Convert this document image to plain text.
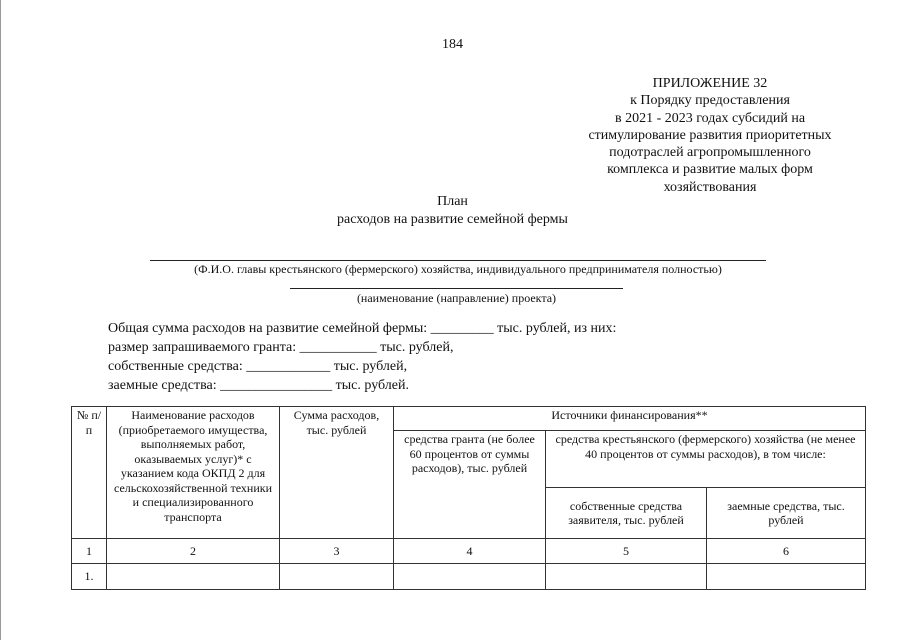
184
ПРИЛОЖЕНИЕ 32
к Порядку предоставления
в 2021 - 2023 годах субсидий на
стимулирование развития приоритетных
подотраслей агропромышленного
комплекса и развитие малых форм
хозяйствования
План
расходов на развитие семейной фермы
(Ф.И.О. главы крестьянского (фермерского) хозяйства, индивидуального предпринимателя полностью)
(наименование (направление) проекта)
Общая сумма расходов на развитие семейной фермы: _________ тыс. рублей, из них:
размер запрашиваемого гранта: ___________ тыс. рублей,
собственные средства: ____________ тыс. рублей,
заемные средства: ________________ тыс. рублей.
№ п/п	Наименование расходов (приобретаемого имущества, выполняемых работ, оказываемых услуг)* с указанием кода ОКПД 2 для сельскохозяйственной техники и специализированного транспорта	Сумма расходов, тыс. рублей	Источники финансирования**		
			средства гранта (не более 60 процентов от суммы расходов), тыс. рублей	средства крестьянского (фермерского) хозяйства (не менее 40 процентов от суммы расходов), в том числе:	
				собственные средства заявителя, тыс. рублей	заемные средства, тыс. рублей
1	2	3	4	5	6
1.					
